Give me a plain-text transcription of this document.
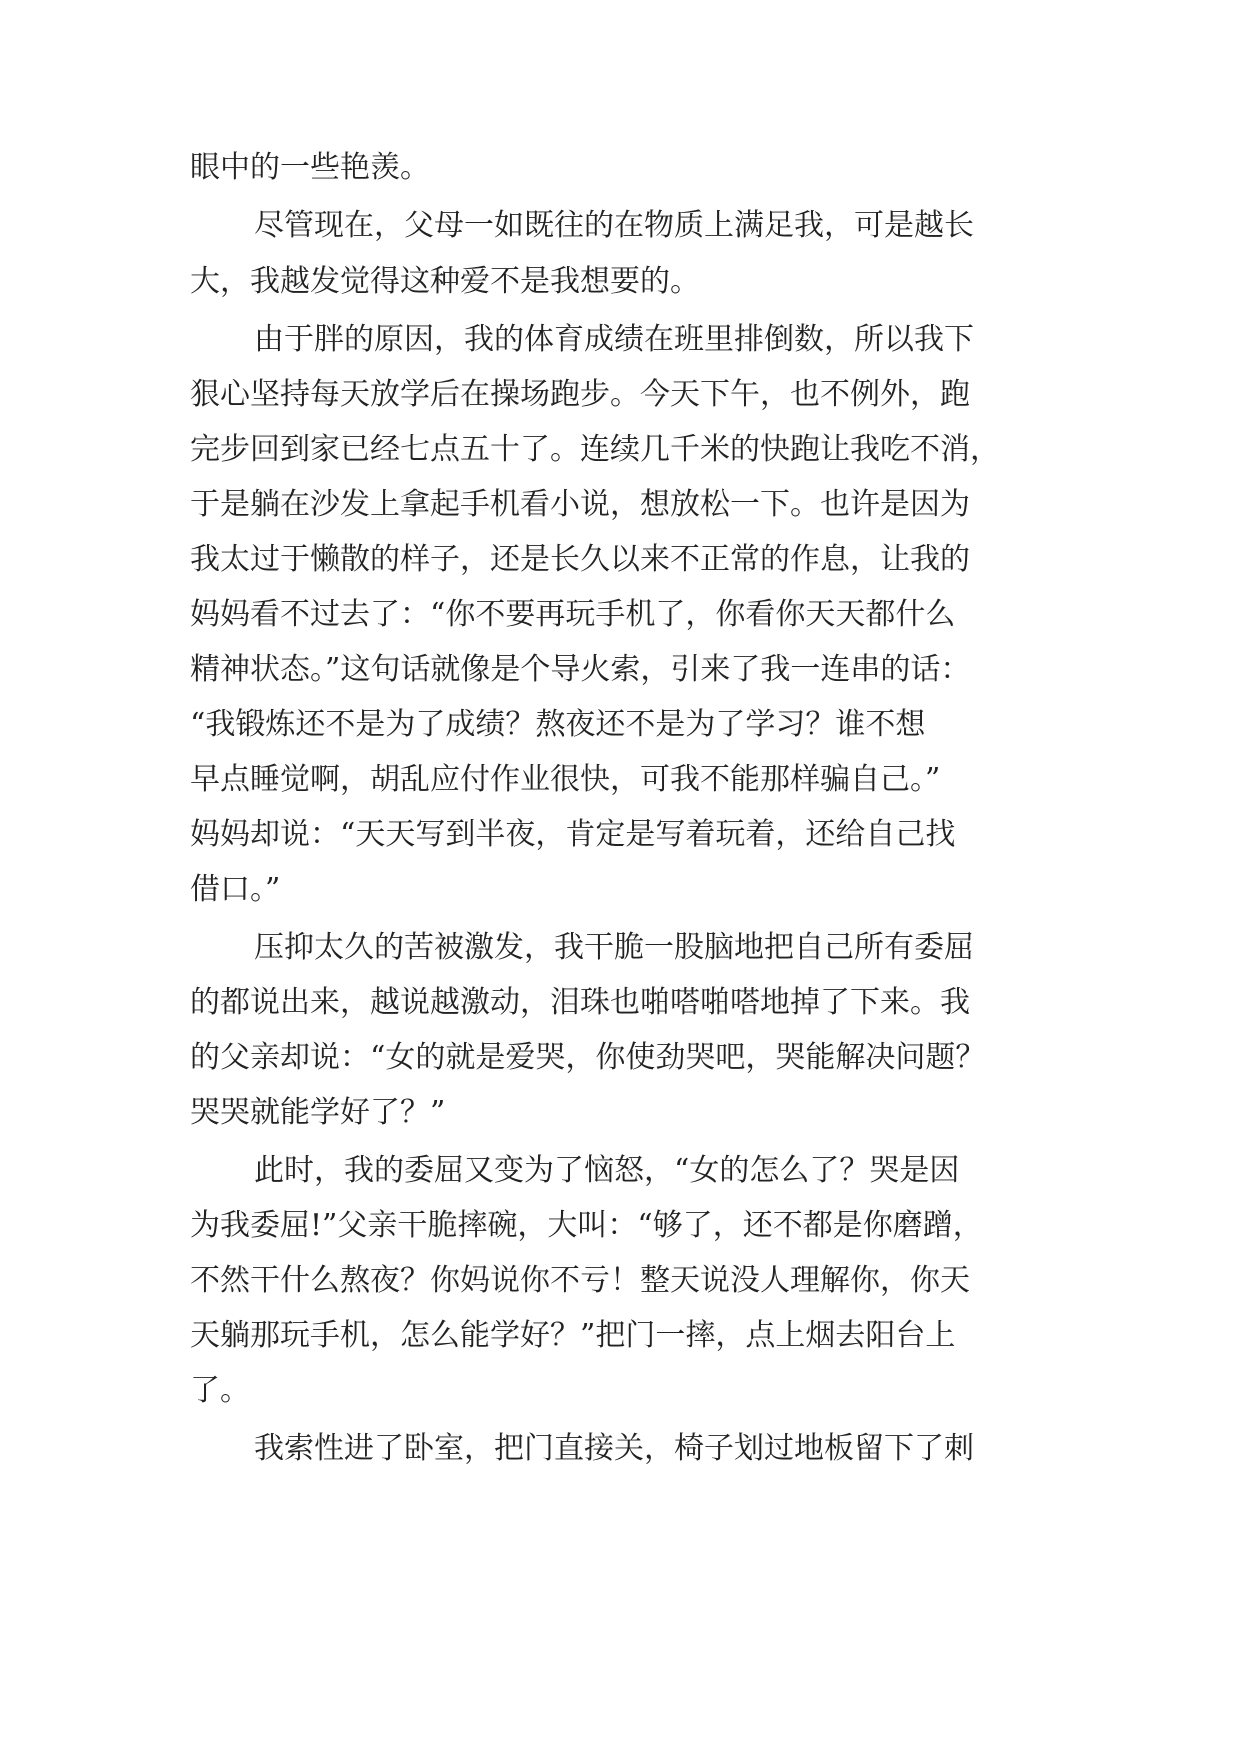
眼中的一些艳羡。
尽管现在，父母一如既往的在物质上满足我，可是越长
大，我越发觉得这种爱不是我想要的。
由于胖的原因，我的体育成绩在班里排倒数，所以我下
狠心坚持每天放学后在操场跑步。今天下午，也不例外，跑
完步回到家已经七点五十了。连续几千米的快跑让我吃不消，
于是躺在沙发上拿起手机看小说，想放松一下。也许是因为
我太过于懒散的样子，还是长久以来不正常的作息，让我的
妈妈看不过去了：“你不要再玩手机了，你看你天天都什么
精神状态。”这句话就像是个导火索，引来了我一连串的话：
“我锻炼还不是为了成绩？熬夜还不是为了学习？谁不想
早点睡觉啊，胡乱应付作业很快，可我不能那样骗自己。”
妈妈却说：“天天写到半夜，肯定是写着玩着，还给自己找
借口。”
压抑太久的苦被激发，我干脆一股脑地把自己所有委屈
的都说出来，越说越激动，泪珠也啪嗒啪嗒地掉了下来。我
的父亲却说：“女的就是爱哭，你使劲哭吧，哭能解决问题？
哭哭就能学好了？”
此时，我的委屈又变为了恼怒，“女的怎么了？哭是因
为我委屈!”父亲干脆摔碗，大叫：“够了，还不都是你磨蹭，
不然干什么熬夜？你妈说你不亏！整天说没人理解你，你天
天躺那玩手机，怎么能学好？”把门一摔，点上烟去阳台上
了。
我索性进了卧室，把门直接关，椅子划过地板留下了刺
